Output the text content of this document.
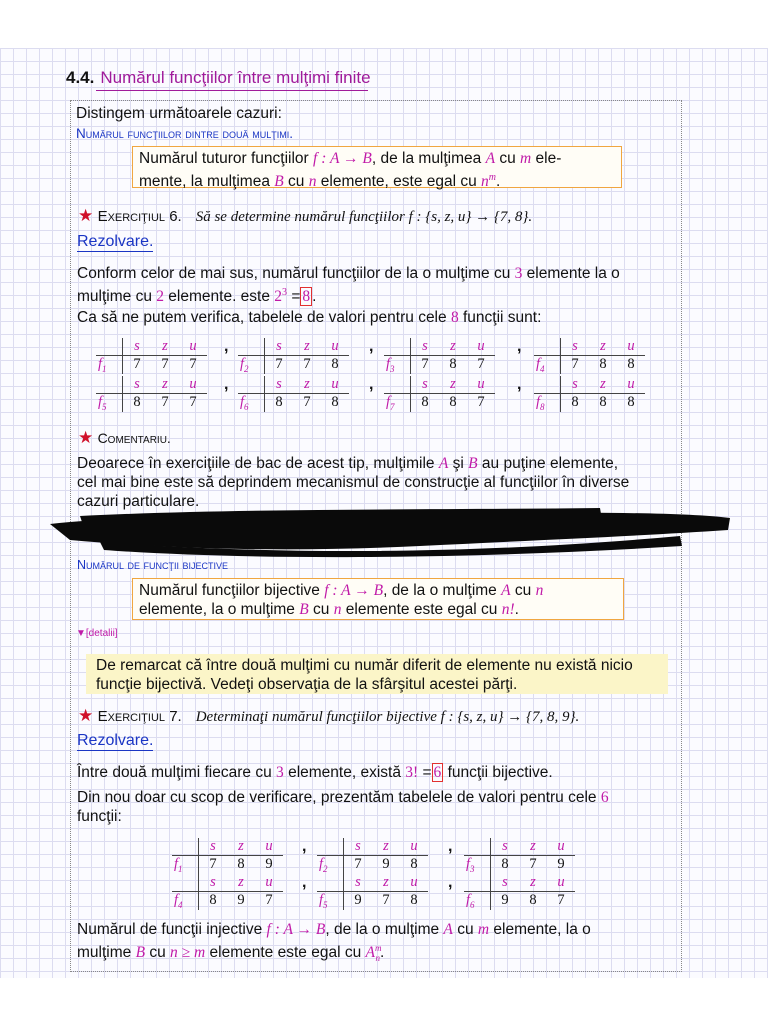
4.4. Numărul funcţiilor între mulţimi finite
Distingem următoarele cazuri:
Numărul funcţiilor dintre două mulţimi.
Numărul tuturor funcţiilor f : A → B, de la mulţimea A cu m ele-
mente, la mulţimea B cu n elemente, este egal cu $n^m$.
★ Exerciţiul 6. Să se determine numărul funcţiilor f : {s, z, u} → {7, 8}.
Rezolvare.
Conform celor de mai sus, numărul funcţiilor de la o mulţime cu 3 elemente la o
mulţime cu 2 elemente. este $2^3 = 8$ .
Ca să ne putem verifica, tabelele de valori pentru cele 8 funcţii sunt:
	s	z	u
$f_1$	7	7	7
	s	z	u
$f_2$	7	7	8
	s	z	u
$f_3$	7	8	7
	s	z	u
$f_4$	7	8	8
	s	z	u
$f_5$	8	7	7
	s	z	u
$f_6$	8	7	8
	s	z	u
$f_7$	8	8	7
	s	z	u
$f_8$	8	8	8
,	,	,
,	,	,
★ Comentariu.
Deoarece în exerciţiile de bac de acest tip, mulţimile A şi B au puţine elemente,
cel mai bine este să deprindem mecanismul de construcţie al funcţiilor în diverse
cazuri particulare.
Numărul de funcţii bijective
Numărul funcţiilor bijective f : A → B, de la o mulţime A cu n
elemente, la o mulţime B cu n elemente este egal cu n!.
▼[detalii]
De remarcat că între două mulţimi cu număr diferit de elemente nu există nicio funcţie bijectivă. Vedeţi observaţia de la sfârşitul acestei părţi.
★ Exerciţiul 7. Determinaţi numărul funcţiilor bijective f : {s, z, u} → {7, 8, 9}.
Rezolvare.
Între două mulţimi fiecare cu 3 elemente, există 3! = 6 funcţii bijective.
Din nou doar cu scop de verificare, prezentăm tabelele de valori pentru cele 6
funcţii:
	s	z	u
$f_1$	7	8	9
	s	z	u
$f_2$	7	9	8
	s	z	u
$f_3$	8	7	9
	s	z	u
$f_4$	8	9	7
	s	z	u
$f_5$	9	7	8
	s	z	u
$f_6$	9	8	7
,	,
,	,
Numărul de funcţii injective f : A → B, de la o mulţime A cu m elemente, la o
mulţime B cu n ≥ m elemente este egal cu $A^m_n$.
